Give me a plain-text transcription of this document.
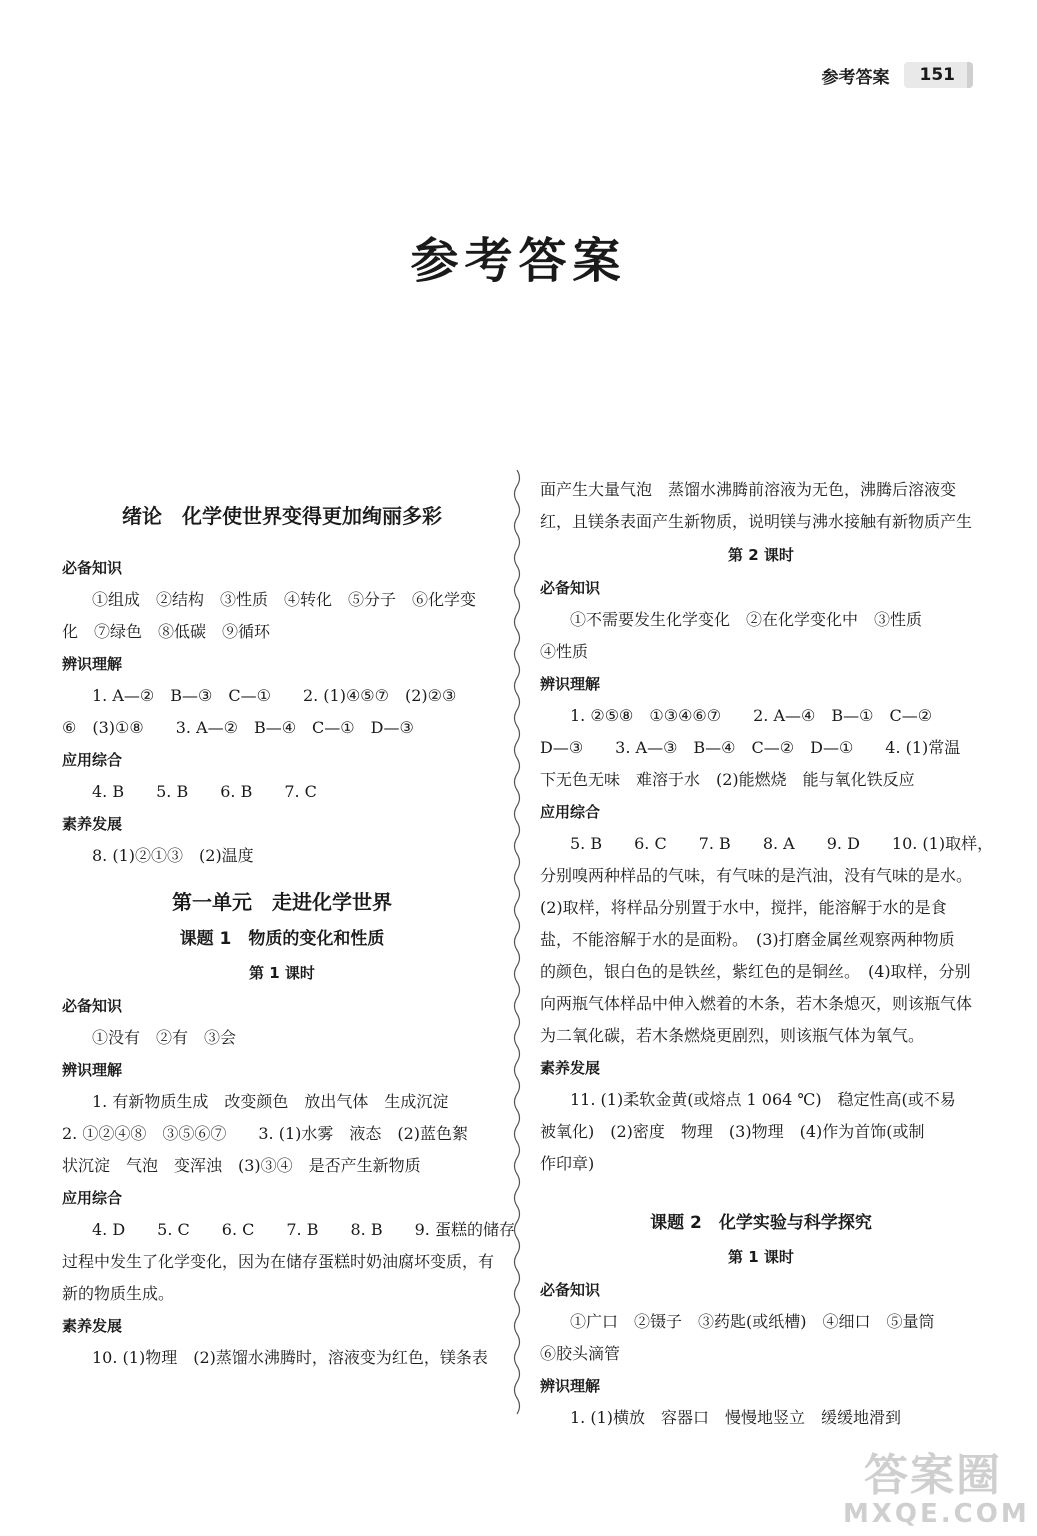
参考答案	151
参考答案
绪论　化学使世界变得更加绚丽多彩

必备知识

①组成　②结构　③性质　④转化　⑤分子　⑥化学变

化　⑦绿色　⑧低碳　⑨循环

辨识理解

1. A—②　B—③　C—①　　2. (1)④⑤⑦　(2)②③

⑥　(3)①⑧　　3. A—②　B—④　C—①　D—③

应用综合

4. B　　5. B　　6. B　　7. C

素养发展

8. (1)②①③　(2)温度

第一单元　走进化学世界
课题 1　物质的变化和性质
第 1 课时

必备知识

①没有　②有　③会

辨识理解

1. 有新物质生成　改变颜色　放出气体　生成沉淀

2. ①②④⑧　③⑤⑥⑦　　3. (1)水雾　液态　(2)蓝色絮

状沉淀　气泡　变浑浊　(3)③④　是否产生新物质

应用综合

4. D　　5. C　　6. C　　7. B　　8. B　　9. 蛋糕的储存

过程中发生了化学变化，因为在储存蛋糕时奶油腐坏变质，有

新的物质生成。

素养发展

10. (1)物理　(2)蒸馏水沸腾时，溶液变为红色，镁条表

面产生大量气泡　蒸馏水沸腾前溶液为无色，沸腾后溶液变

红，且镁条表面产生新物质，说明镁与沸水接触有新物质产生

第 2 课时

必备知识

①不需要发生化学变化　②在化学变化中　③性质

④性质

辨识理解

1. ②⑤⑧　①③④⑥⑦　　2. A—④　B—①　C—②

D—③　　3. A—③　B—④　C—②　D—①　　4. (1)常温

下无色无味　难溶于水　(2)能燃烧　能与氧化铁反应

应用综合

5. B　　6. C　　7. B　　8. A　　9. D　　10. (1)取样，

分别嗅两种样品的气味，有气味的是汽油，没有气味的是水。

(2)取样，将样品分别置于水中，搅拌，能溶解于水的是食

盐，不能溶解于水的是面粉。　(3)打磨金属丝观察两种物质

的颜色，银白色的是铁丝，紫红色的是铜丝。　(4)取样，分别

向两瓶气体样品中伸入燃着的木条，若木条熄灭，则该瓶气体

为二氧化碳，若木条燃烧更剧烈，则该瓶气体为氧气。

素养发展

11. (1)柔软金黄(或熔点 1 064 ℃)　稳定性高(或不易

被氧化)　(2)密度　物理　(3)物理　(4)作为首饰(或制

作印章)

课题 2　化学实验与科学探究
第 1 课时

必备知识

①广口　②镊子　③药匙(或纸槽)　④细口　⑤量筒

⑥胶头滴管

辨识理解

1. (1)横放　容器口　慢慢地竖立　缓缓地滑到

答案圈
MXQE.COM
